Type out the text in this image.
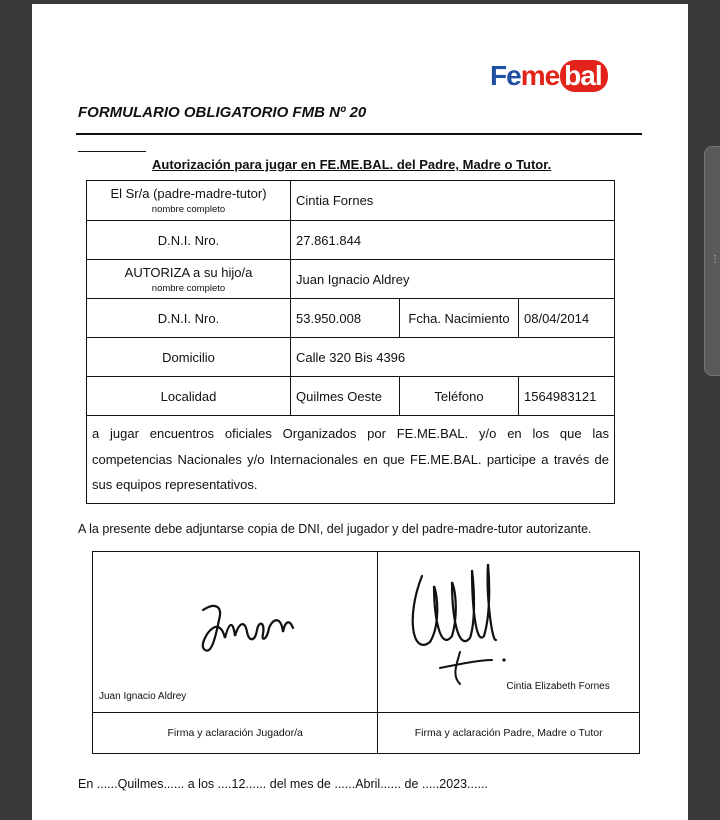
Feme bal
FORMULARIO OBLIGATORIO FMB Nº 20
Autorización para jugar en FE.ME.BAL. del Padre, Madre o Tutor.
El Sr/a (padre-madre-tutor)
nombre completo	Cintia Fornes		
D.N.I. Nro.	27.861.844		

AUTORIZA a su hijo/a
nombre completo	Juan Ignacio Aldrey		
D.N.I. Nro.	53.950.008	Fcha. Nacimiento	08/04/2014
Domicilio	Calle 320 Bis 4396		
Localidad	Quilmes Oeste	Teléfono	1564983121
a jugar encuentros oficiales Organizados por FE.ME.BAL. y/o en los que las competencias Nacionales y/o Internacionales en que FE.ME.BAL. participe a través de sus equipos representativos.			
A la presente debe adjuntarse copia de DNI, del jugador y del padre-madre-tutor autorizante.
Juan Ignacio Aldrey	Cintia Elizabeth Fornes

Firma y aclaración Jugador/a	Firma y aclaración Padre, Madre o Tutor
En ......Quilmes...... a los ....12...... del mes de ......Abril...... de .....2023......
⋮
